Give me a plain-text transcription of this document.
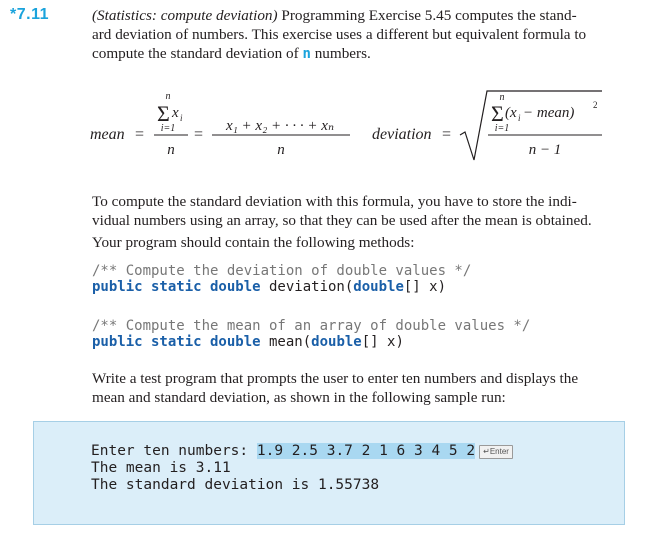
*7.11	(Statistics: compute deviation) Programming Exercise 5.45 computes the stand-
ard deviation of numbers. This exercise uses a different but equivalent formula to
compute the standard deviation of n numbers.
mean =
n
Σ x i
i=1
n
= x₁ + x₂ + · · · + xₙ
n
deviation =
n
Σ (x i − mean) 2
i=1
n − 1
To compute the standard deviation with this formula, you have to store the indi-
vidual numbers using an array, so that they can be used after the mean is obtained.
Your program should contain the following methods:
/** Compute the deviation of double values */
public static double deviation(double[] x)
/** Compute the mean of an array of double values */
public static double mean(double[] x)
Write a test program that prompts the user to enter ten numbers and displays the
mean and standard deviation, as shown in the following sample run:
Enter ten numbers: 1.9 2.5 3.7 2 1 6 3 4 5 2 ↵Enter
The mean is 3.11
The standard deviation is 1.55738
